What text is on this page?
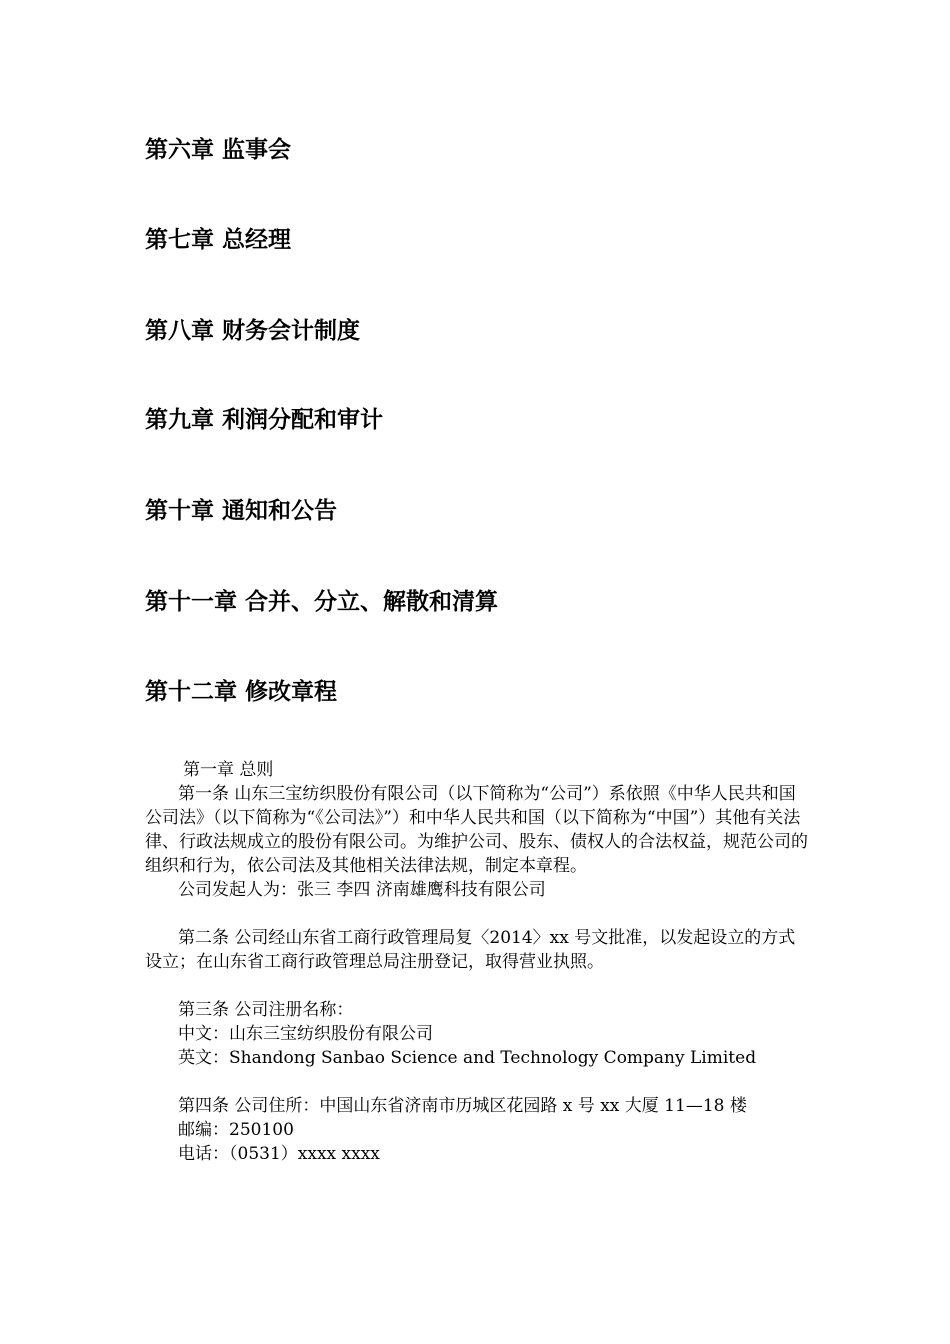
第六章 监事会
第七章 总经理
第八章 财务会计制度
第九章 利润分配和审计
第十章 通知和公告
第十一章 合并、分立、解散和清算
第十二章 修改章程

第一章 总则

第一条 山东三宝纺织股份有限公司（以下简称为“公司”）系依照《中华人民共和国公司法》（以下简称为“《公司法》”）和中华人民共和国（以下简称为“中国”）其他有关法律、行政法规成立的股份有限公司。为维护公司、股东、债权人的合法权益，规范公司的组织和行为，依公司法及其他相关法律法规，制定本章程。

公司发起人为：张三 李四 济南雄鹰科技有限公司

第二条 公司经山东省工商行政管理局复〈2014〉xx 号文批准，以发起设立的方式设立；在山东省工商行政管理总局注册登记，取得营业执照。

第三条 公司注册名称：

中文：山东三宝纺织股份有限公司

英文：Shandong Sanbao Science and Technology Company Limited

第四条 公司住所：中国山东省济南市历城区花园路 x 号 xx 大厦 11—18 楼

邮编：250100

电话：（0531）xxxx xxxx
